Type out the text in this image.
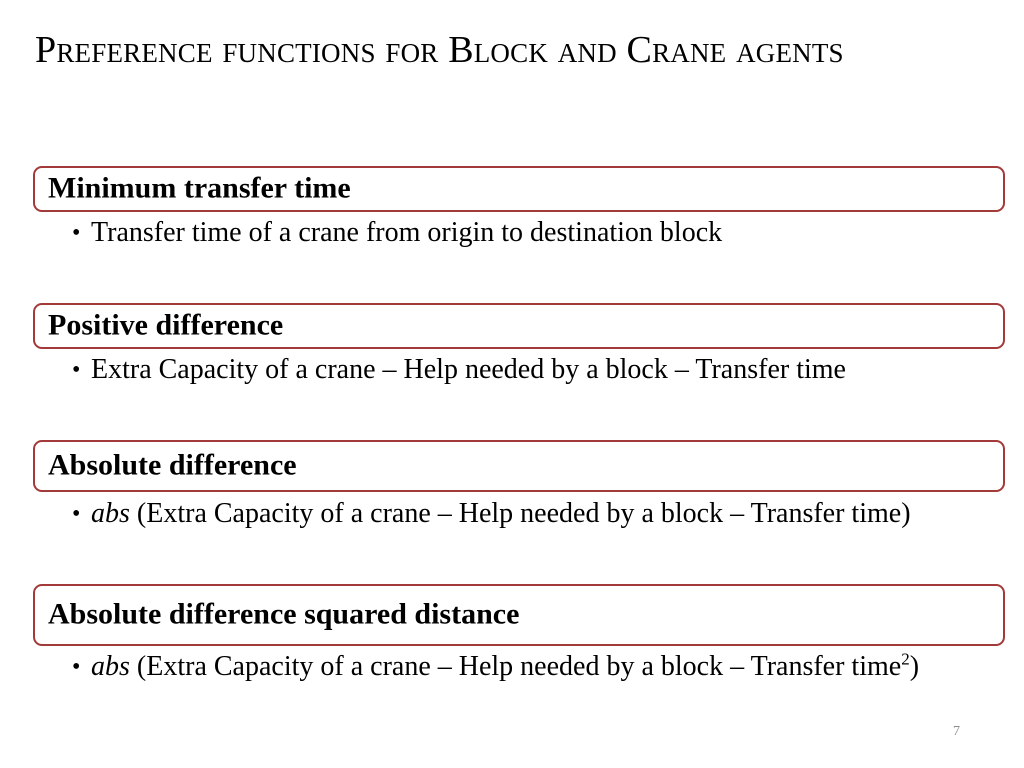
Preference functions for Block and Crane agents
Minimum transfer time
• Transfer time of a crane from origin to destination block
Positive difference
• Extra Capacity of a crane – Help needed by a block – Transfer time
Absolute difference
• abs (Extra Capacity of a crane – Help needed by a block – Transfer time)
Absolute difference squared distance
• abs (Extra Capacity of a crane – Help needed by a block – Transfer time$^2$)
7
